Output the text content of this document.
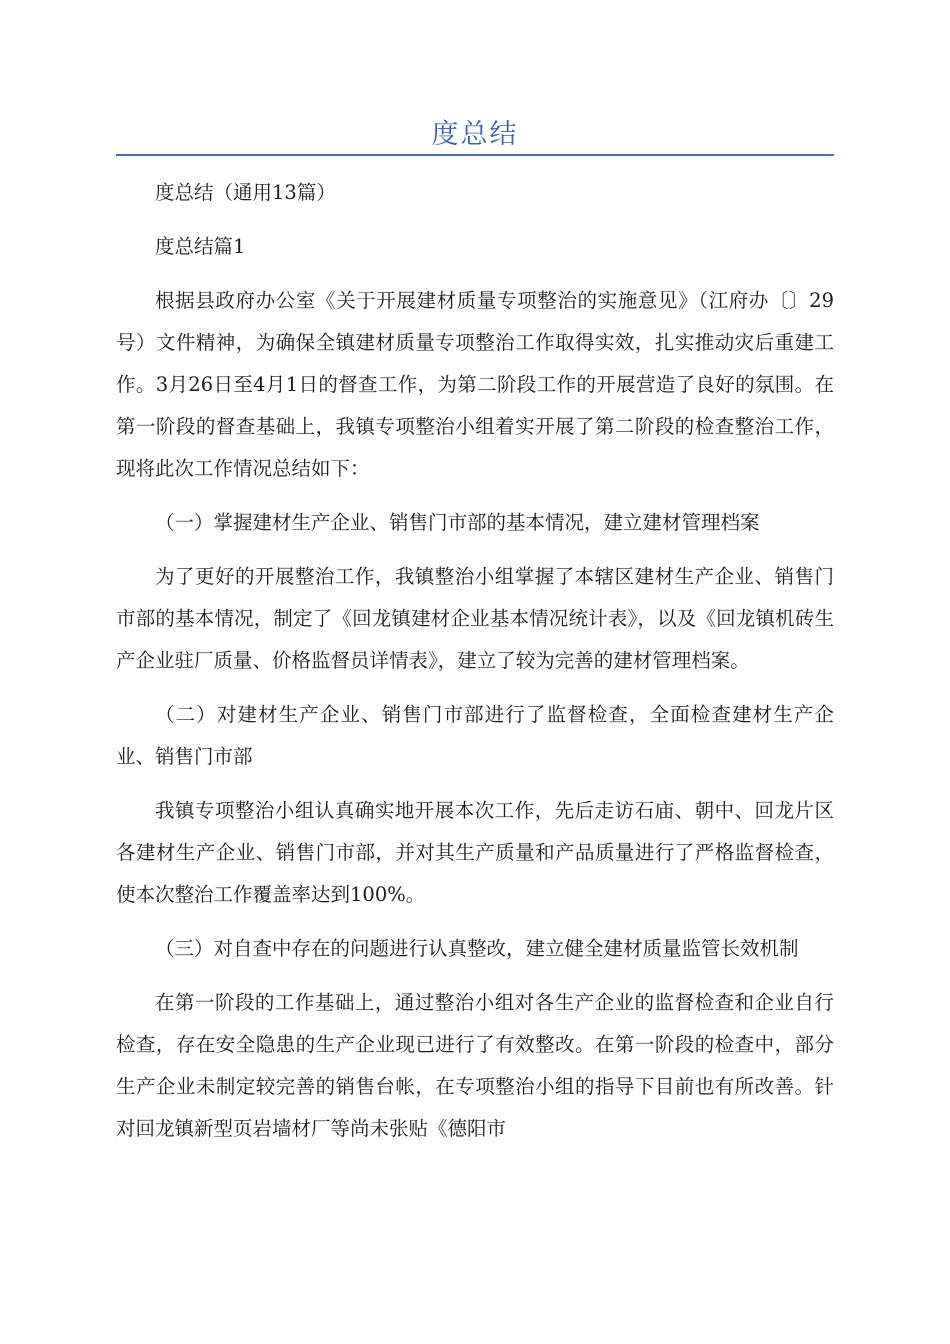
度总结

度总结（通用13篇）

度总结篇1

根据县政府办公室《关于开展建材质量专项整治的实施意见》（江府办〔〕29号）文件精神，为确保全镇建材质量专项整治工作取得实效，扎实推动灾后重建工作。3月26日至4月1日的督查工作，为第二阶段工作的开展营造了良好的氛围。在第一阶段的督查基础上，我镇专项整治小组着实开展了第二阶段的检查整治工作，现将此次工作情况总结如下：

（一）掌握建材生产企业、销售门市部的基本情况，建立建材管理档案

为了更好的开展整治工作，我镇整治小组掌握了本辖区建材生产企业、销售门市部的基本情况，制定了《回龙镇建材企业基本情况统计表》，以及《回龙镇机砖生产企业驻厂质量、价格监督员详情表》，建立了较为完善的建材管理档案。

（二）对建材生产企业、销售门市部进行了监督检查，全面检查建材生产企业、销售门市部

我镇专项整治小组认真确实地开展本次工作，先后走访石庙、朝中、回龙片区各建材生产企业、销售门市部，并对其生产质量和产品质量进行了严格监督检查，使本次整治工作覆盖率达到100%。

（三）对自查中存在的问题进行认真整改，建立健全建材质量监管长效机制

在第一阶段的工作基础上，通过整治小组对各生产企业的监督检查和企业自行检查，存在安全隐患的生产企业现已进行了有效整改。在第一阶段的检查中，部分生产企业未制定较完善的销售台帐，在专项整治小组的指导下目前也有所改善。针对回龙镇新型页岩墙材厂等尚未张贴《德阳市
